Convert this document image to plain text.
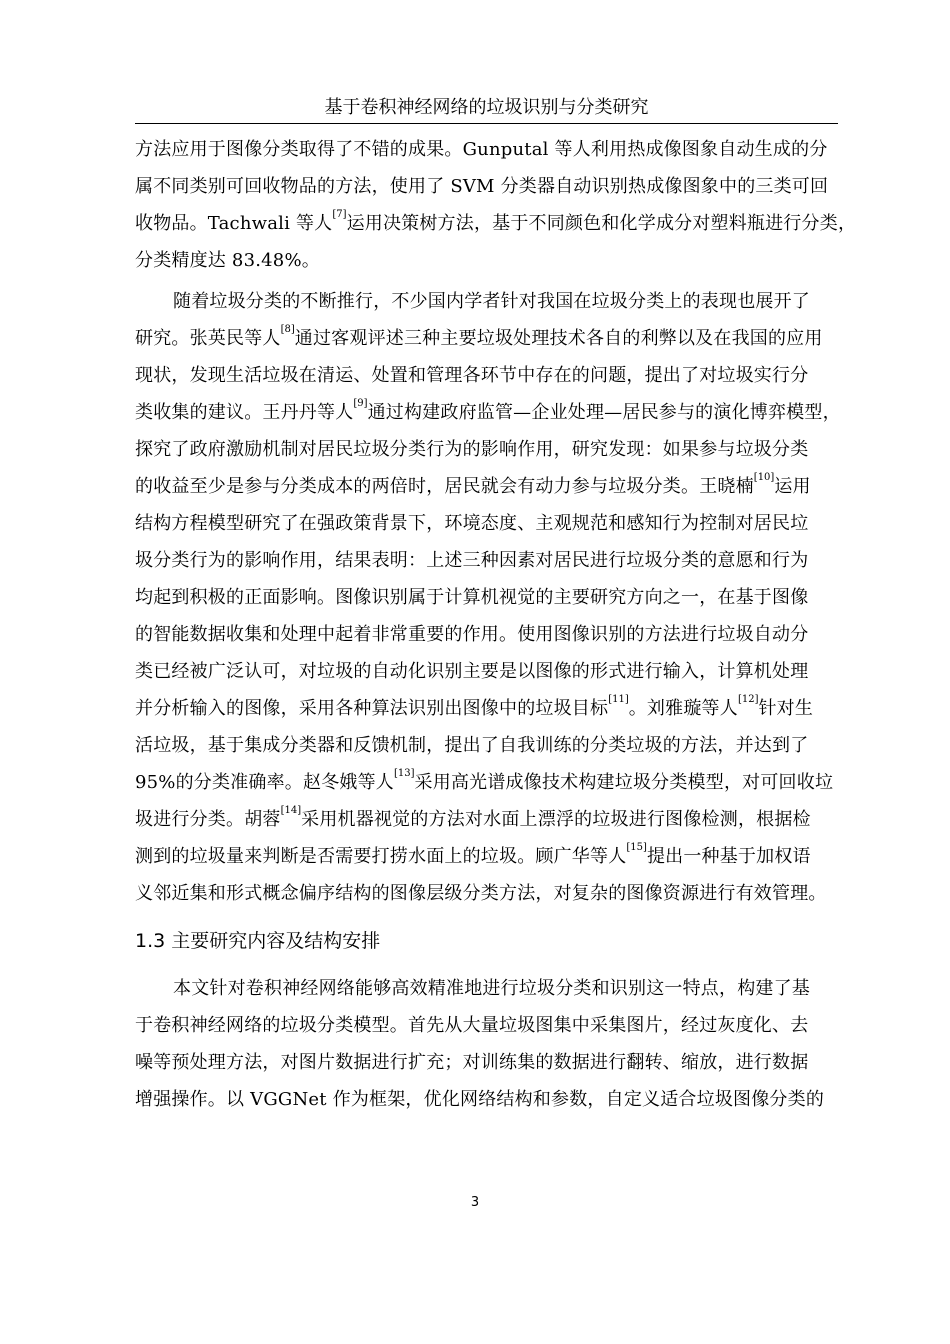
基于卷积神经网络的垃圾识别与分类研究
方法应用于图像分类取得了不错的成果。Gunputal 等人利用热成像图象自动生成的分
属不同类别可回收物品的方法，使用了 SVM 分类器自动识别热成像图象中的三类可回
收物品。Tachwali 等人[7]运用决策树方法，基于不同颜色和化学成分对塑料瓶进行分类，
分类精度达 83.48%。
随着垃圾分类的不断推行，不少国内学者针对我国在垃圾分类上的表现也展开了
研究。张英民等人[8]通过客观评述三种主要垃圾处理技术各自的利弊以及在我国的应用
现状，发现生活垃圾在清运、处置和管理各环节中存在的问题，提出了对垃圾实行分
类收集的建议。王丹丹等人[9]通过构建政府监管—企业处理—居民参与的演化博弈模型，
探究了政府激励机制对居民垃圾分类行为的影响作用，研究发现：如果参与垃圾分类
的收益至少是参与分类成本的两倍时，居民就会有动力参与垃圾分类。王晓楠[10]运用
结构方程模型研究了在强政策背景下，环境态度、主观规范和感知行为控制对居民垃
圾分类行为的影响作用，结果表明：上述三种因素对居民进行垃圾分类的意愿和行为
均起到积极的正面影响。图像识别属于计算机视觉的主要研究方向之一，在基于图像
的智能数据收集和处理中起着非常重要的作用。使用图像识别的方法进行垃圾自动分
类已经被广泛认可，对垃圾的自动化识别主要是以图像的形式进行输入，计算机处理
并分析输入的图像，采用各种算法识别出图像中的垃圾目标[11]。刘雅璇等人[12]针对生
活垃圾，基于集成分类器和反馈机制，提出了自我训练的分类垃圾的方法，并达到了
95%的分类准确率。赵冬娥等人[13]采用高光谱成像技术构建垃圾分类模型，对可回收垃
圾进行分类。胡蓉[14]采用机器视觉的方法对水面上漂浮的垃圾进行图像检测，根据检
测到的垃圾量来判断是否需要打捞水面上的垃圾。顾广华等人[15]提出一种基于加权语
义邻近集和形式概念偏序结构的图像层级分类方法，对复杂的图像资源进行有效管理。
1.3 主要研究内容及结构安排
本文针对卷积神经网络能够高效精准地进行垃圾分类和识别这一特点，构建了基
于卷积神经网络的垃圾分类模型。首先从大量垃圾图集中采集图片，经过灰度化、去
噪等预处理方法，对图片数据进行扩充；对训练集的数据进行翻转、缩放，进行数据
增强操作。以 VGGNet 作为框架，优化网络结构和参数，自定义适合垃圾图像分类的
3
